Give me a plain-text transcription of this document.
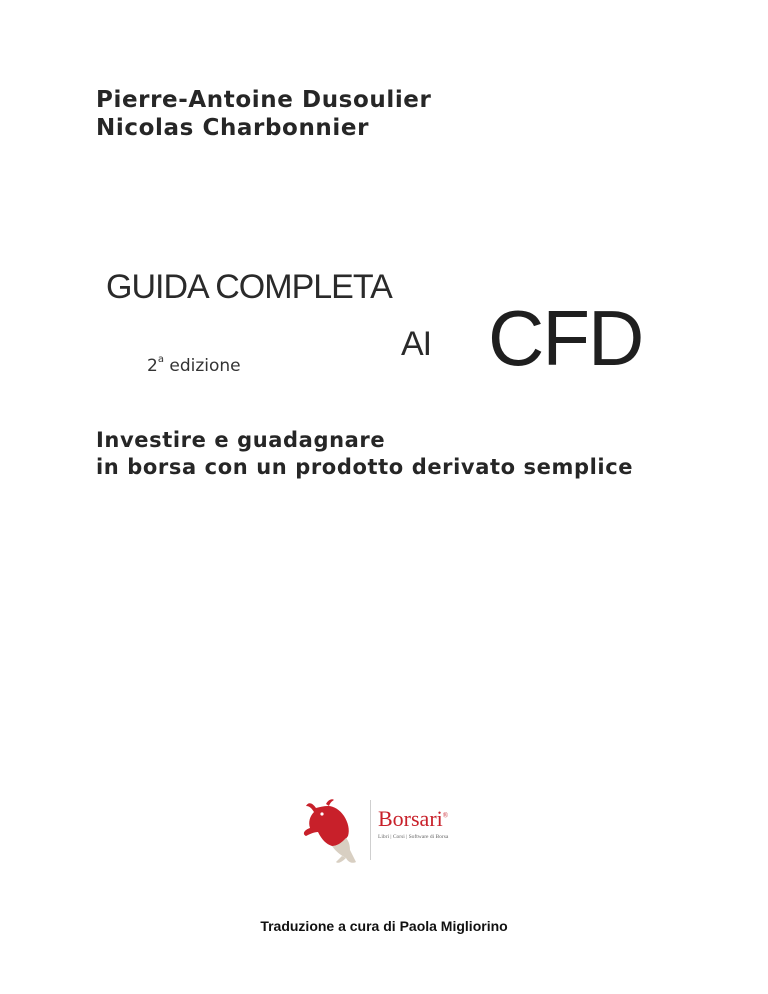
Pierre-Antoine Dusoulier
Nicolas Charbonnier
GUIDA COMPLETA
AI CFD
2$^a$ edizione
Investire e guadagnare
in borsa con un prodotto derivato semplice
Borsari®
Libri | Corsi | Software di Borsa
Traduzione a cura di Paola Migliorino
